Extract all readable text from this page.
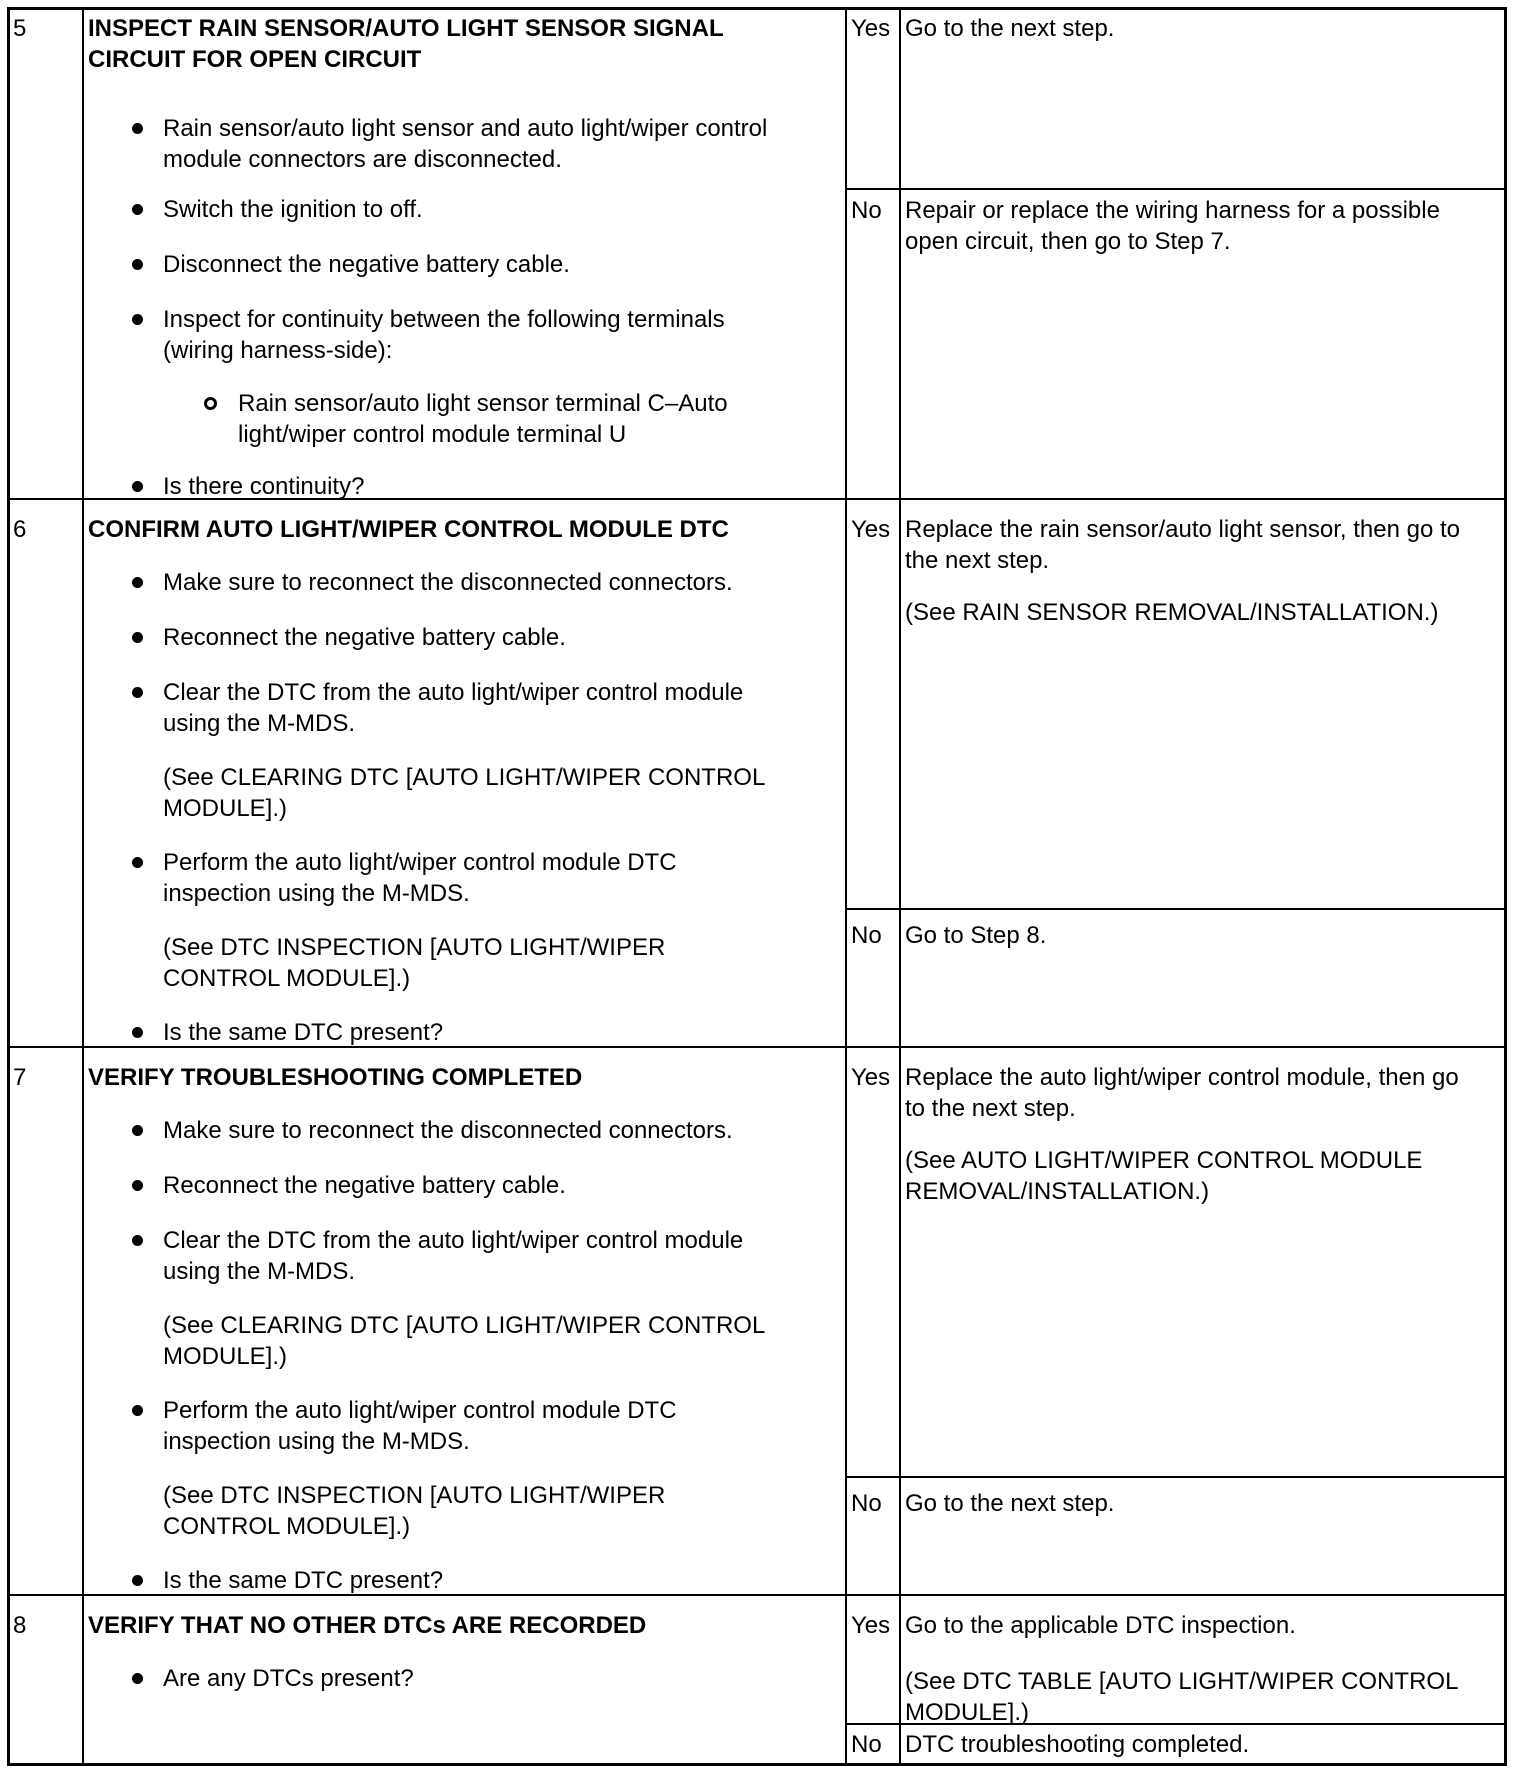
5	INSPECT RAIN SENSOR/AUTO LIGHT SENSOR SIGNAL
CIRCUIT FOR OPEN CIRCUIT
Rain sensor/auto light sensor and auto light/wiper control
module connectors are disconnected.
Switch the ignition to off.
Disconnect the negative battery cable.
Inspect for continuity between the following terminals
(wiring harness-side):
Rain sensor/auto light sensor terminal C–Auto
light/wiper control module terminal U
Is there continuity?
Yes Go to the next step.
No Repair or replace the wiring harness for a possible
open circuit, then go to Step 7.
6	CONFIRM AUTO LIGHT/WIPER CONTROL MODULE DTC
Make sure to reconnect the disconnected connectors.
Reconnect the negative battery cable.
Clear the DTC from the auto light/wiper control module
using the M-MDS.
(See CLEARING DTC [AUTO LIGHT/WIPER CONTROL
MODULE].)
Perform the auto light/wiper control module DTC
inspection using the M-MDS.
(See DTC INSPECTION [AUTO LIGHT/WIPER
CONTROL MODULE].)
Is the same DTC present?
Yes Replace the rain sensor/auto light sensor, then go to
the next step.
(See RAIN SENSOR REMOVAL/INSTALLATION.)
No Go to Step 8.
7	VERIFY TROUBLESHOOTING COMPLETED
Make sure to reconnect the disconnected connectors.
Reconnect the negative battery cable.
Clear the DTC from the auto light/wiper control module
using the M-MDS.
(See CLEARING DTC [AUTO LIGHT/WIPER CONTROL
MODULE].)
Perform the auto light/wiper control module DTC
inspection using the M-MDS.
(See DTC INSPECTION [AUTO LIGHT/WIPER
CONTROL MODULE].)
Is the same DTC present?
Yes Replace the auto light/wiper control module, then go
to the next step.
(See AUTO LIGHT/WIPER CONTROL MODULE
REMOVAL/INSTALLATION.)
No Go to the next step.
8	VERIFY THAT NO OTHER DTCs ARE RECORDED
Are any DTCs present?
Yes Go to the applicable DTC inspection.
(See DTC TABLE [AUTO LIGHT/WIPER CONTROL
MODULE].)
No DTC troubleshooting completed.
